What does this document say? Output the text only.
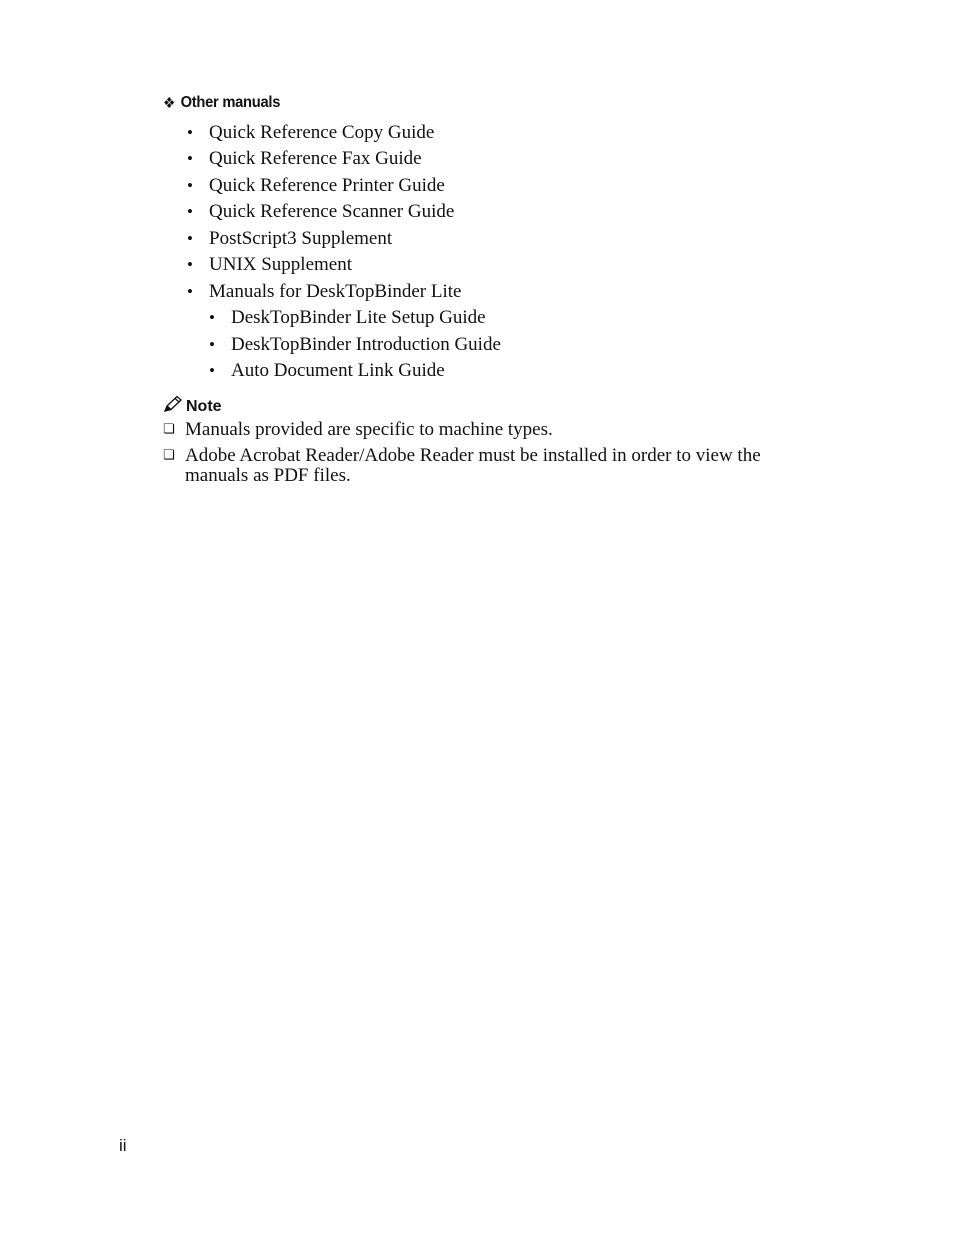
❖ Other manuals
• Quick Reference Copy Guide
• Quick Reference Fax Guide
• Quick Reference Printer Guide
• Quick Reference Scanner Guide
• PostScript3 Supplement
• UNIX Supplement
• Manuals for DeskTopBinder Lite
• DeskTopBinder Lite Setup Guide
• DeskTopBinder Introduction Guide
• Auto Document Link Guide
Note
❏ Manuals provided are specific to machine types.
❏ Adobe Acrobat Reader/Adobe Reader must be installed in order to view the manuals as PDF files.
ii
